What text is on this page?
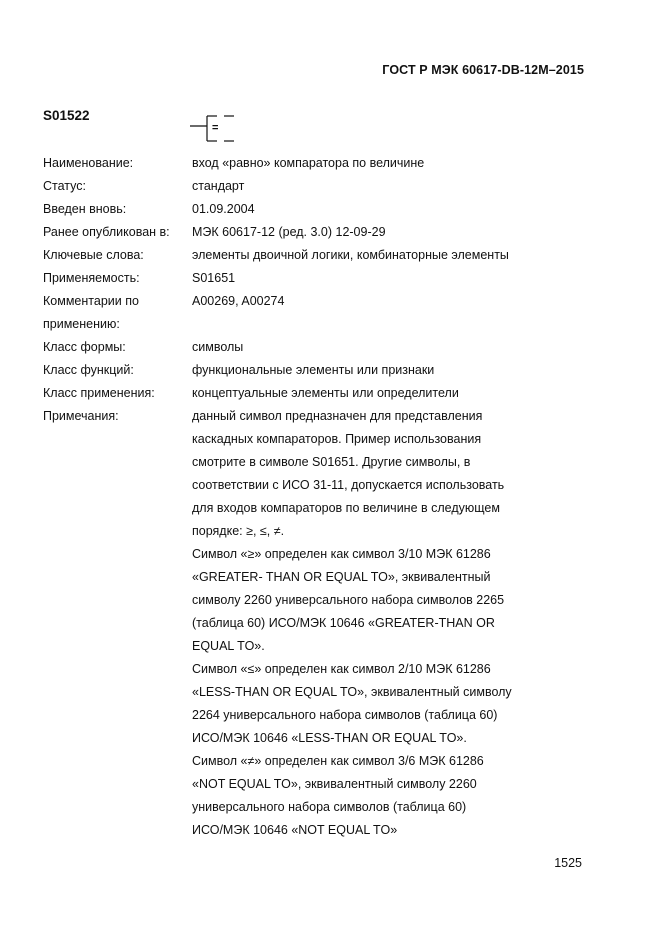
ГОСТ Р МЭК 60617-DB-12M–2015
S01522
=
Наименование:	вход «равно» компаратора по величине
Статус:	стандарт
Введен вновь:	01.09.2004
Ранее опубликован в:	МЭК 60617-12 (ред. 3.0) 12-09-29
Ключевые слова:	элементы двоичной логики, комбинаторные элементы
Применяемость:	S01651
Комментарии по	A00269, A00274
применению:
Класс формы:	символы
Класс функций:	функциональные элементы или признаки
Класс применения:	концептуальные элементы или определители
Примечания:	данный символ предназначен для представления
каскадных компараторов. Пример использования
смотрите в символе S01651. Другие символы, в
соответствии с ИСО 31-11, допускается использовать
для входов компараторов по величине в следующем
порядке: ≥, ≤, ≠.
Символ «≥» определен как символ 3/10 МЭК 61286
«GREATER- THAN OR EQUAL TO», эквивалентный
символу 2260 универсального набора символов 2265
(таблица 60) ИСО/МЭК 10646 «GREATER-THAN OR
EQUAL TO».
Символ «≤» определен как символ 2/10 МЭК 61286
«LESS-THAN OR EQUAL TO», эквивалентный символу
2264 универсального набора символов (таблица 60)
ИСО/МЭК 10646 «LESS-THAN OR EQUAL TO».
Символ «≠» определен как символ 3/6 МЭК 61286
«NOT EQUAL TO», эквивалентный символу 2260
универсального набора символов (таблица 60)
ИСО/МЭК 10646 «NOT EQUAL TO»
1525
